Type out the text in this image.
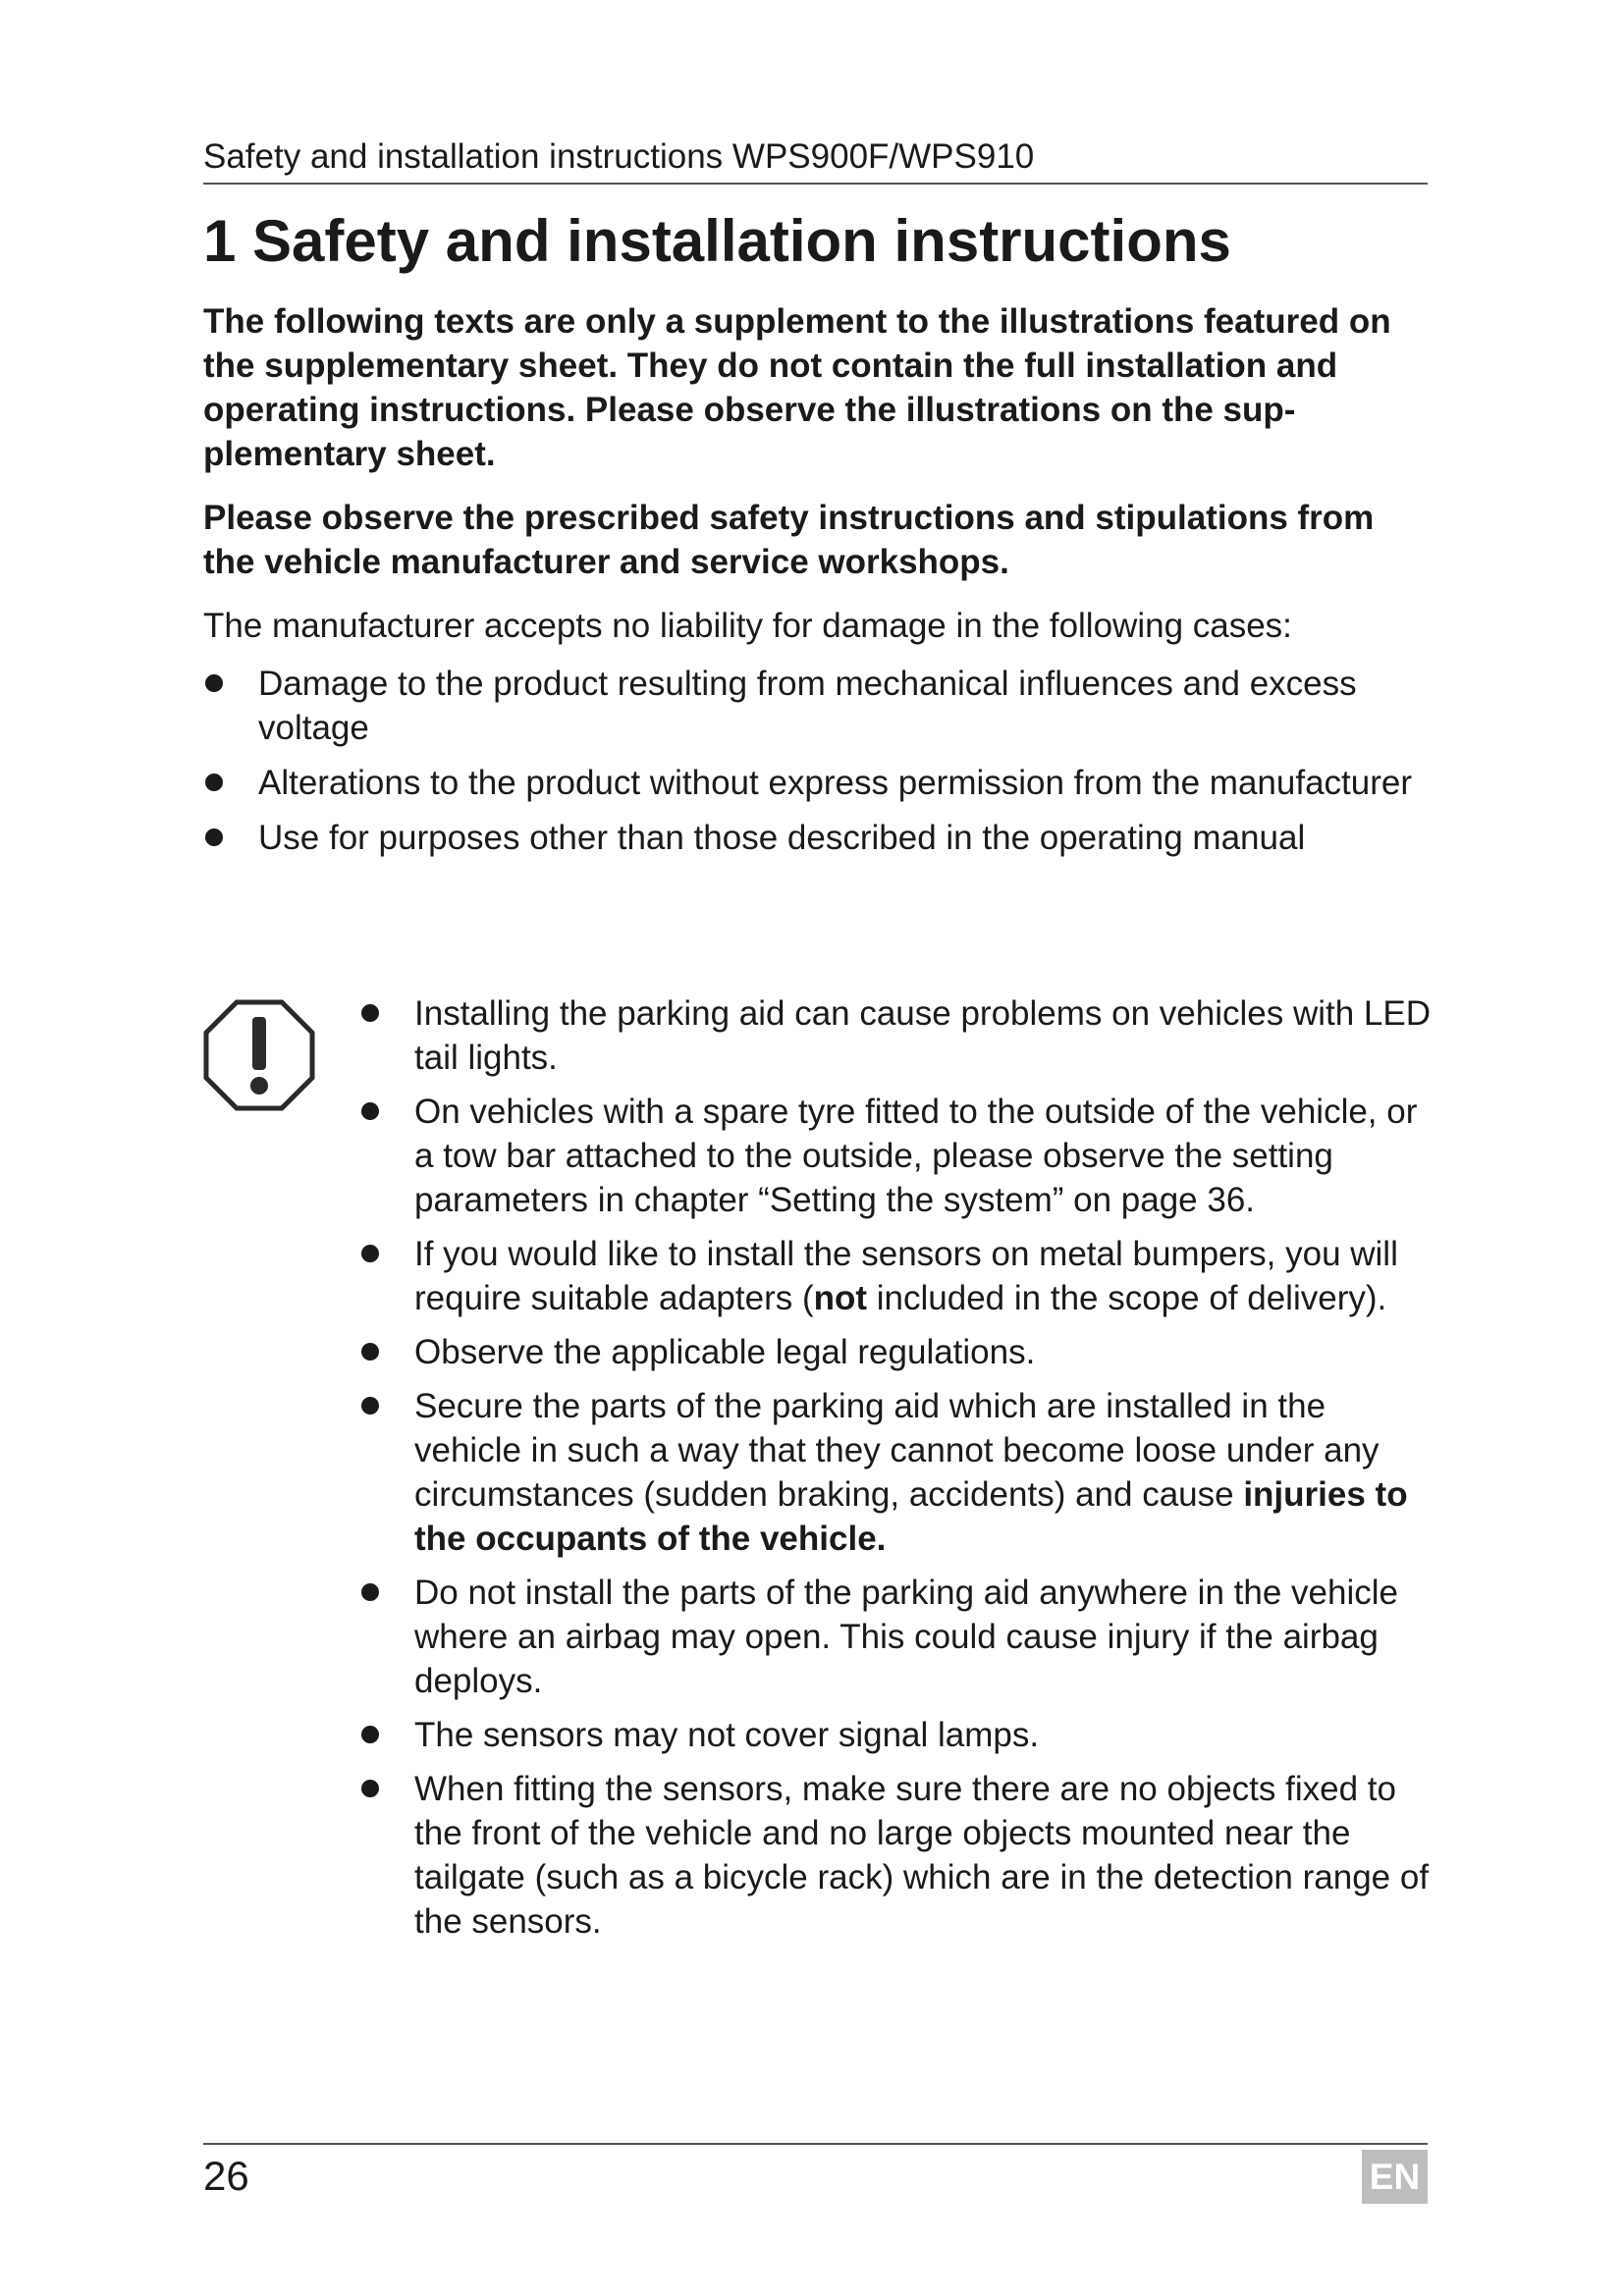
Safety and installation instructions WPS900F/WPS910
1 Safety and installation instructions

The following texts are only a supplement to the illustrations featured on the supplementary sheet. They do not contain the full installation and operating instructions. Please observe the illustrations on the supplementary sheet.

Please observe the prescribed safety instructions and stipulations from the vehicle manufacturer and service workshops.

The manufacturer accepts no liability for damage in the following cases:

Damage to the product resulting from mechanical influences and excess voltage
Alterations to the product without express permission from the manufacturer
Use for purposes other than those described in the operating manual
Installing the parking aid can cause problems on vehicles with LED tail lights.
On vehicles with a spare tyre fitted to the outside of the vehicle, or a tow bar attached to the outside, please observe the setting parameters in chapter “Setting the system” on page 36.
If you would like to install the sensors on metal bumpers, you will require suitable adapters (not included in the scope of delivery).
Observe the applicable legal regulations.
Secure the parts of the parking aid which are installed in the vehicle in such a way that they cannot become loose under any circumstances (sudden braking, accidents) and cause injuries to the occupants of the vehicle.
Do not install the parts of the parking aid anywhere in the vehicle where an airbag may open. This could cause injury if the airbag deploys.
The sensors may not cover signal lamps.
When fitting the sensors, make sure there are no objects fixed to the front of the vehicle and no large objects mounted near the tailgate (such as a bicycle rack) which are in the detection range of the sensors.
26	EN
